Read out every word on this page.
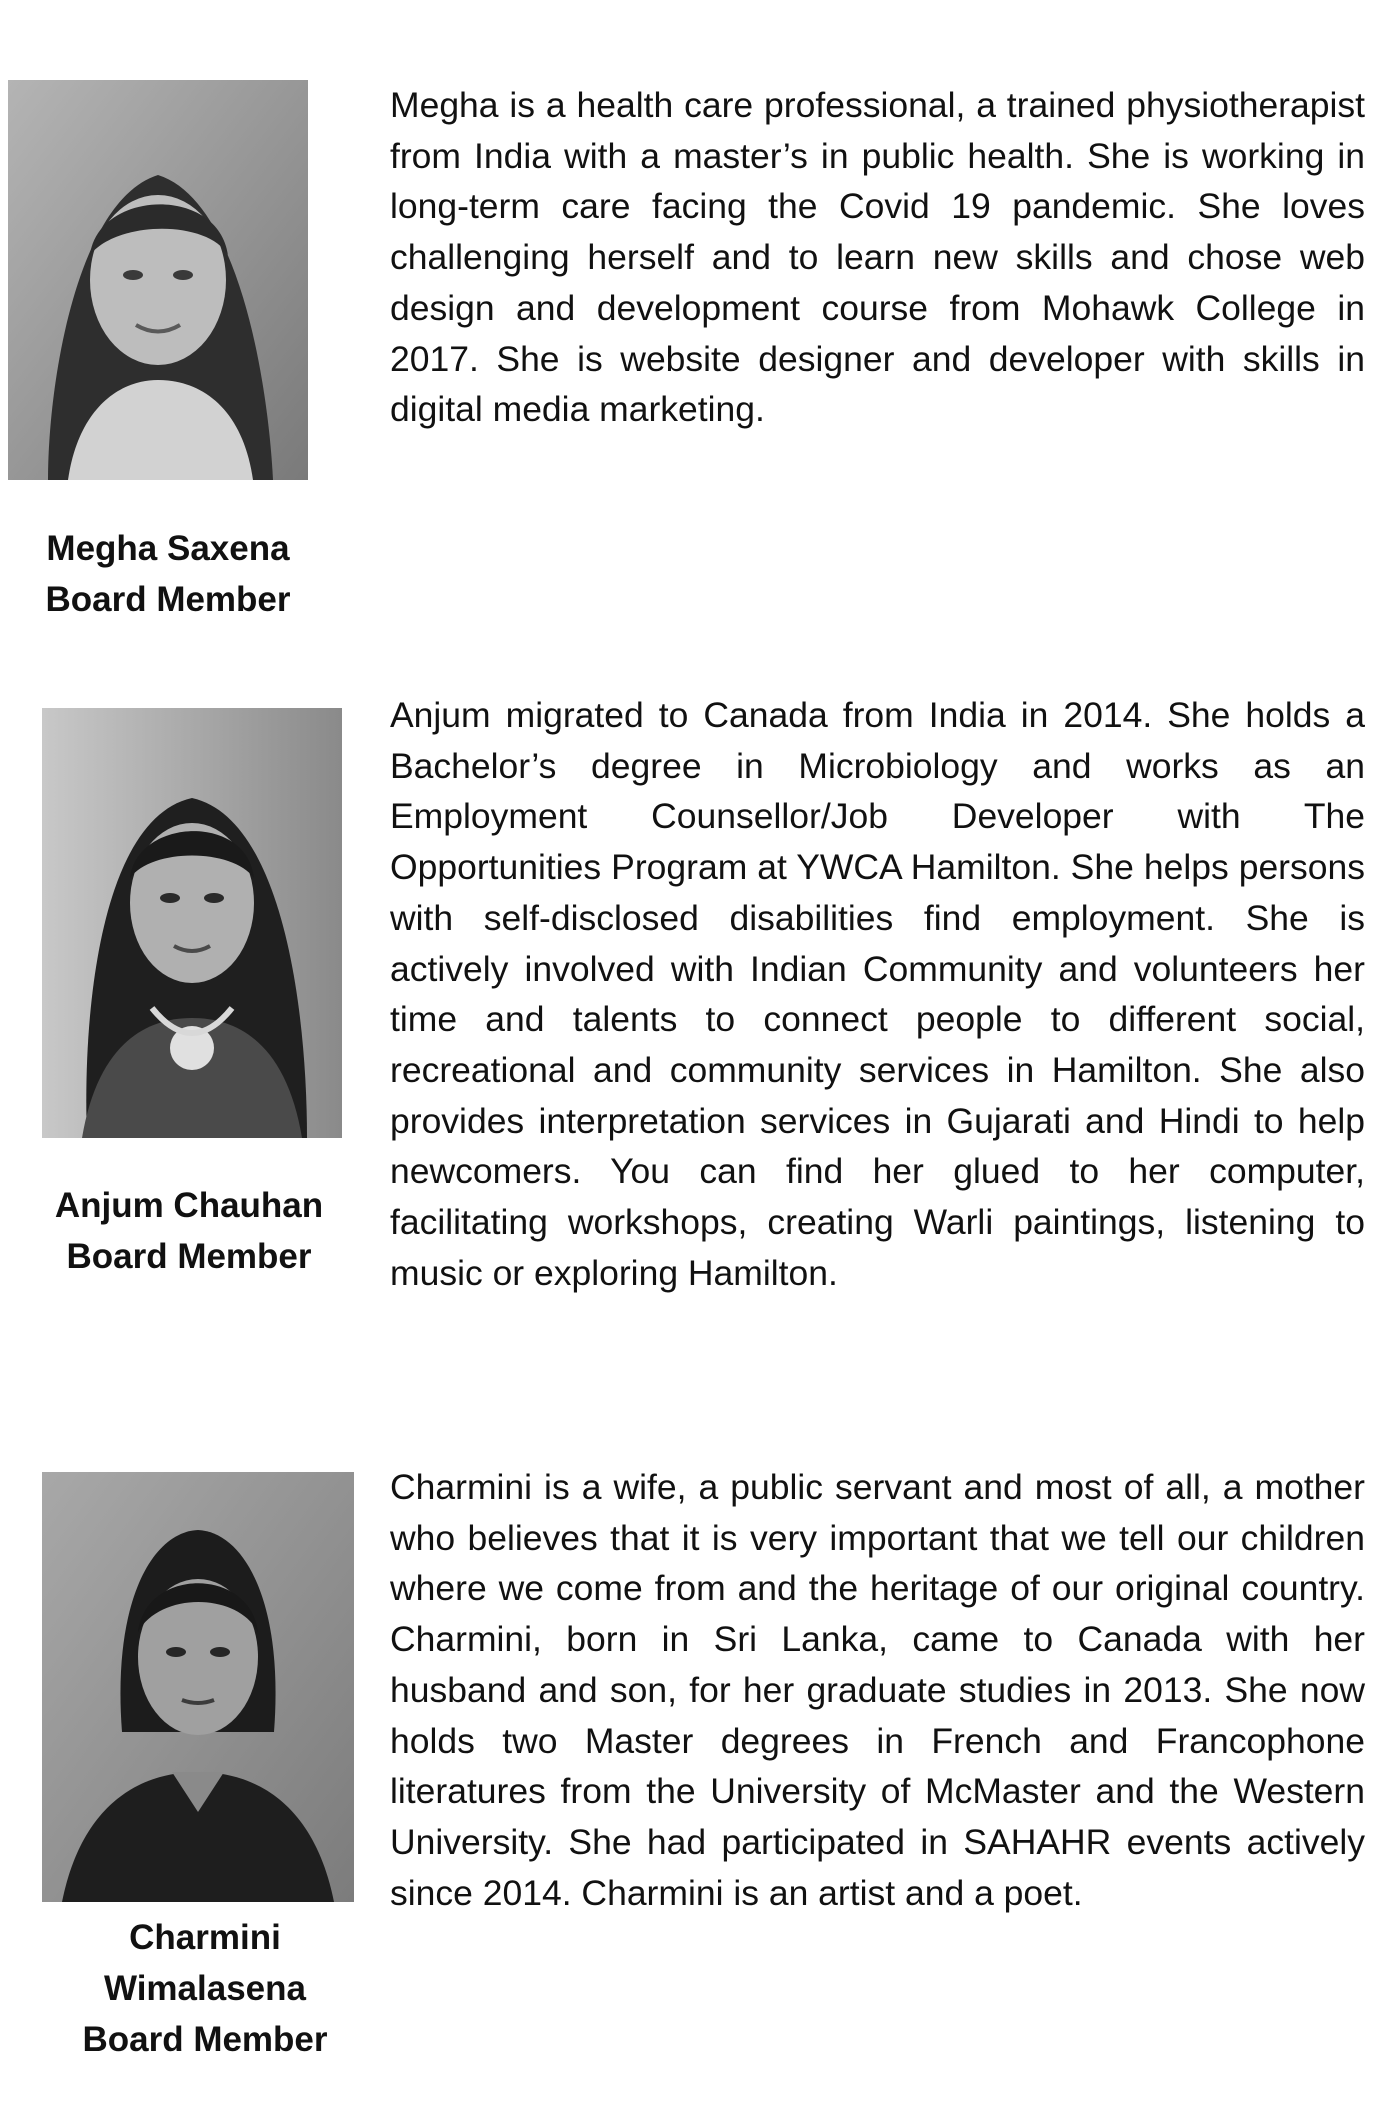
Megha Saxena
Board Member

Megha is a health care professional, a trained physiotherapist from India with a master’s in public health. She is working in long-term care facing the Covid 19 pandemic. She loves challenging herself and to learn new skills and chose web design and development course from Mohawk College in 2017. She is website designer and developer with skills in digital media marketing.

Anjum Chauhan
Board Member

Anjum migrated to Canada from India in 2014. She holds a Bachelor’s degree in Microbiology and works as an Employment Counsellor/Job Developer with The Opportunities Program at YWCA Hamilton. She helps persons with self-disclosed disabilities find employment. She is actively involved with Indian Community and volunteers her time and talents to connect people to different social, recreational and community services in Hamilton. She also provides interpretation services in Gujarati and Hindi to help newcomers. You can find her glued to her computer, facilitating workshops, creating Warli paintings, listening to music or exploring Hamilton.

Charmini
Wimalasena
Board Member

Charmini is a wife, a public servant and most of all, a mother who believes that it is very important that we tell our children where we come from and the heritage of our original country. Charmini, born in Sri Lanka, came to Canada with her husband and son, for her graduate studies in 2013. She now holds two Master degrees in French and Francophone literatures from the University of McMaster and the Western University. She had participated in SAHAHR events actively since 2014. Charmini is an artist and a poet.
